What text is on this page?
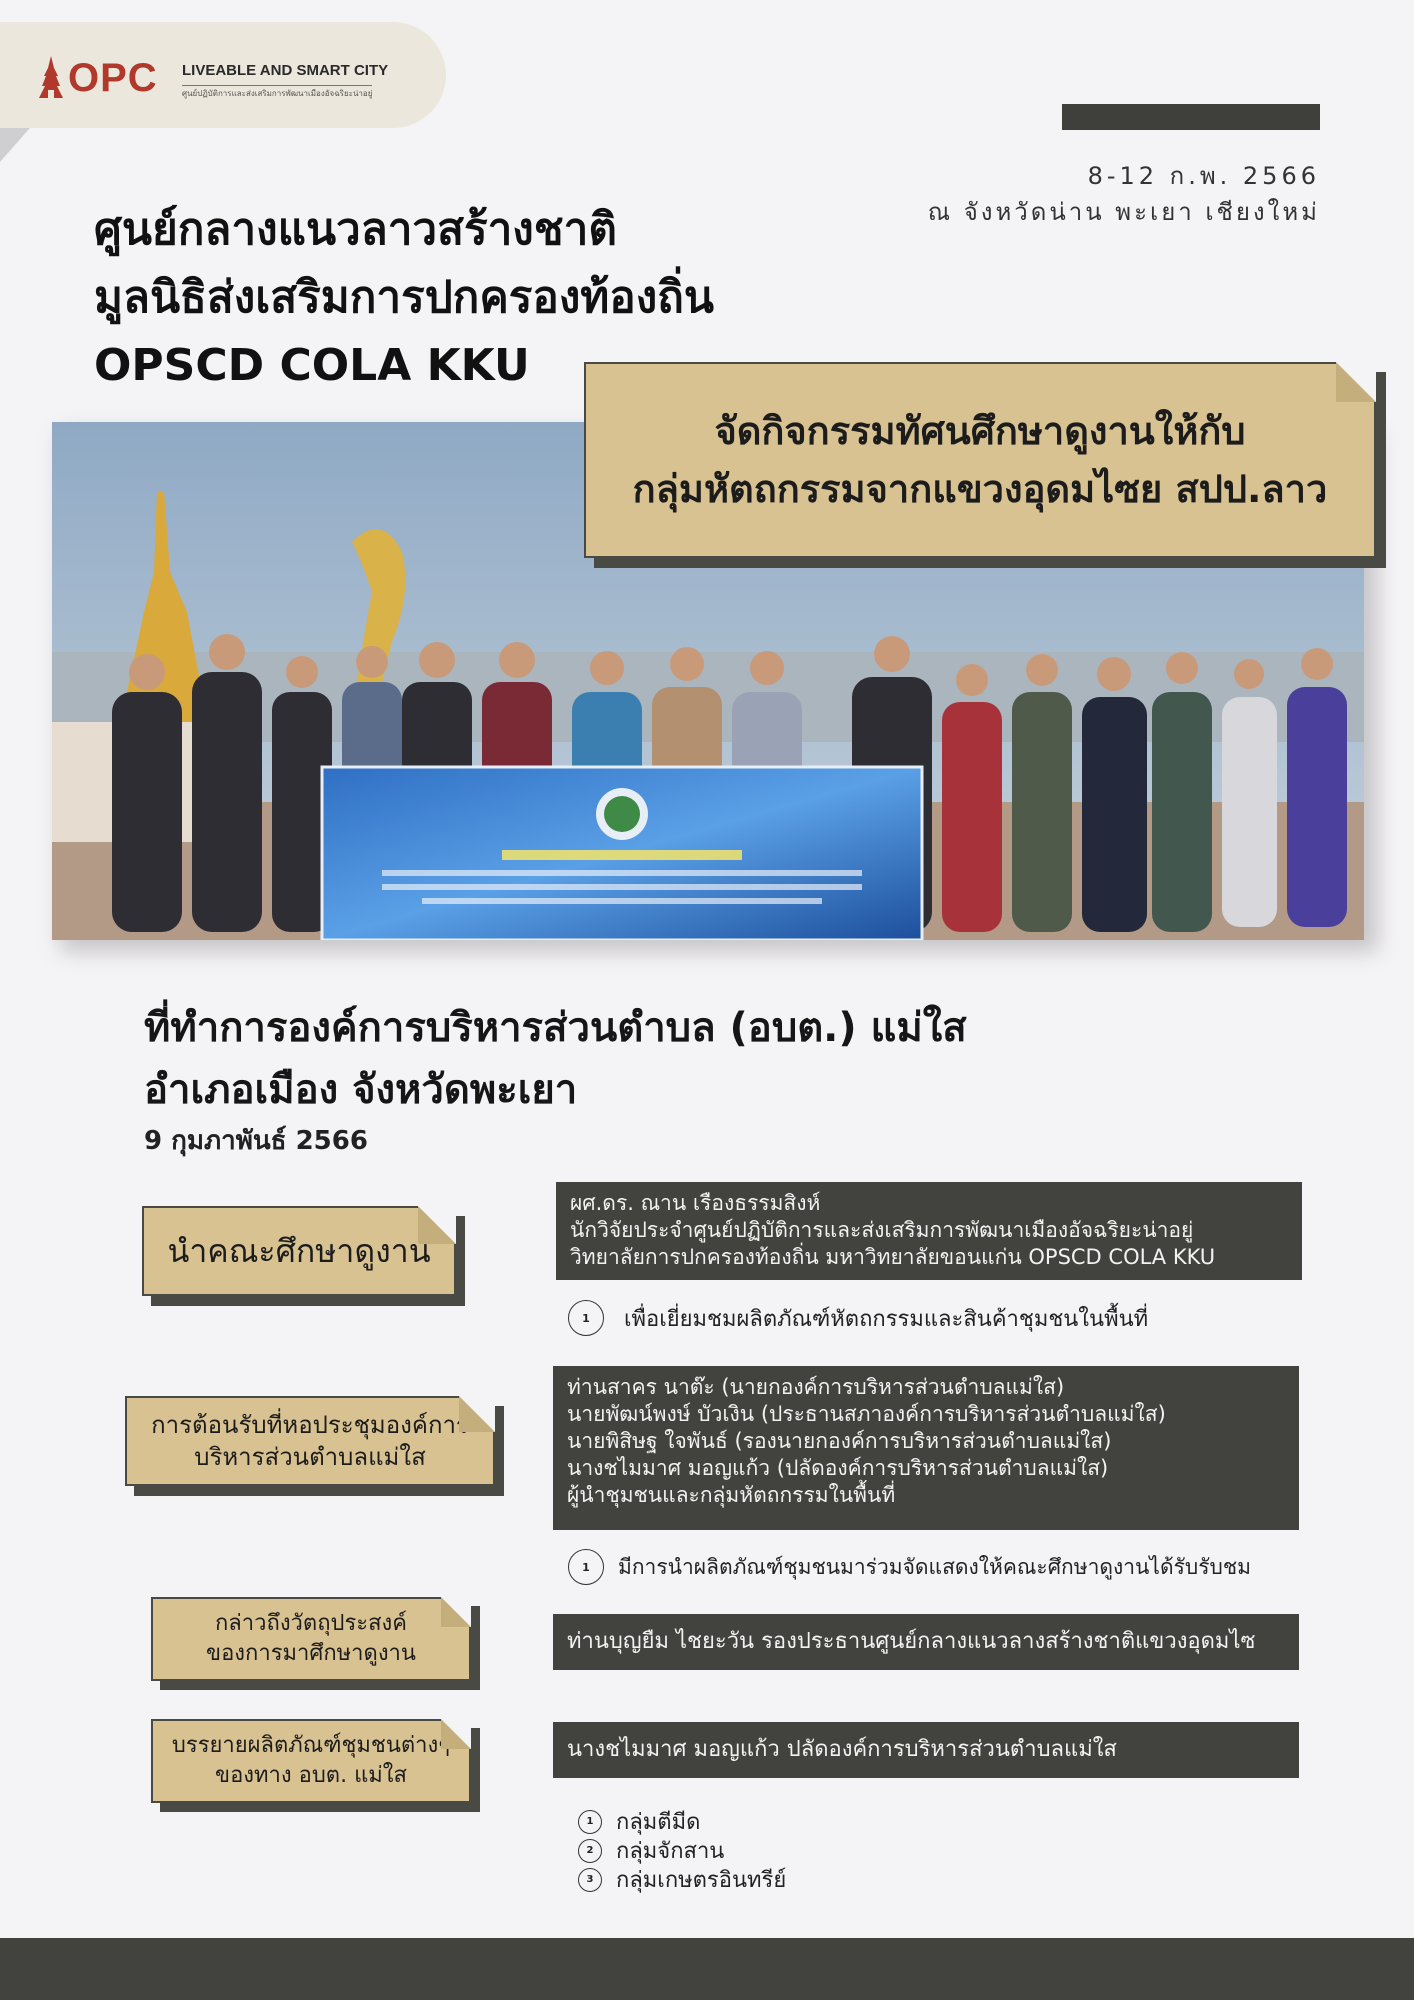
OPC LIVEABLE AND SMART CITY
ศูนย์ปฏิบัติการและส่งเสริมการพัฒนาเมืองอัจฉริยะน่าอยู่
8-12 ก.พ. 2566
ณ จังหวัดน่าน พะเยา เชียงใหม่
ศูนย์กลางแนวลาวสร้างชาติ
มูลนิธิส่งเสริมการปกครองท้องถิ่น
OPSCD COLA KKU
จัดกิจกรรมทัศนศึกษาดูงานให้กับ
กลุ่มหัตถกรรมจากแขวงอุดมไซย สปป.ลาว
ที่ทำการองค์การบริหารส่วนตำบล (อบต.) แม่ใส
อำเภอเมือง จังหวัดพะเยา
9 กุมภาพันธ์ 2566
นำคณะศึกษาดูงาน
ผศ.ดร. ณาน เรืองธรรมสิงห์
นักวิจัยประจำศูนย์ปฏิบัติการและส่งเสริมการพัฒนาเมืองอัจฉริยะน่าอยู่
วิทยาลัยการปกครองท้องถิ่น มหาวิทยาลัยขอนแก่น OPSCD COLA KKU
1	เพื่อเยี่ยมชมผลิตภัณฑ์หัตถกรรมและสินค้าชุมชนในพื้นที่
การต้อนรับที่หอประชุมองค์การ
บริหารส่วนตำบลแม่ใส
ท่านสาคร นาต๊ะ (นายกองค์การบริหารส่วนตำบลแม่ใส)
นายพัฒน์พงษ์ บัวเงิน (ประธานสภาองค์การบริหารส่วนตำบลแม่ใส)
นายพิสิษฐ ใจพันธ์ (รองนายกองค์การบริหารส่วนตำบลแม่ใส)
นางชไมมาศ มอญแก้ว (ปลัดองค์การบริหารส่วนตำบลแม่ใส)
ผู้นำชุมชนและกลุ่มหัตถกรรมในพื้นที่
1	มีการนำผลิตภัณฑ์ชุมชนมาร่วมจัดแสดงให้คณะศึกษาดูงานได้รับรับชม
กล่าวถึงวัตถุประสงค์
ของการมาศึกษาดูงาน	ท่านบุญยืม ไชยะวัน รองประธานศูนย์กลางแนวลางสร้างชาติแขวงอุดมไซ
บรรยายผลิตภัณฑ์ชุมชนต่างๆ
ของทาง อบต. แม่ใส
นางชไมมาศ มอญแก้ว ปลัดองค์การบริหารส่วนตำบลแม่ใส
1	กลุ่มตีมีด
2	กลุ่มจักสาน
3	กลุ่มเกษตรอินทรีย์
